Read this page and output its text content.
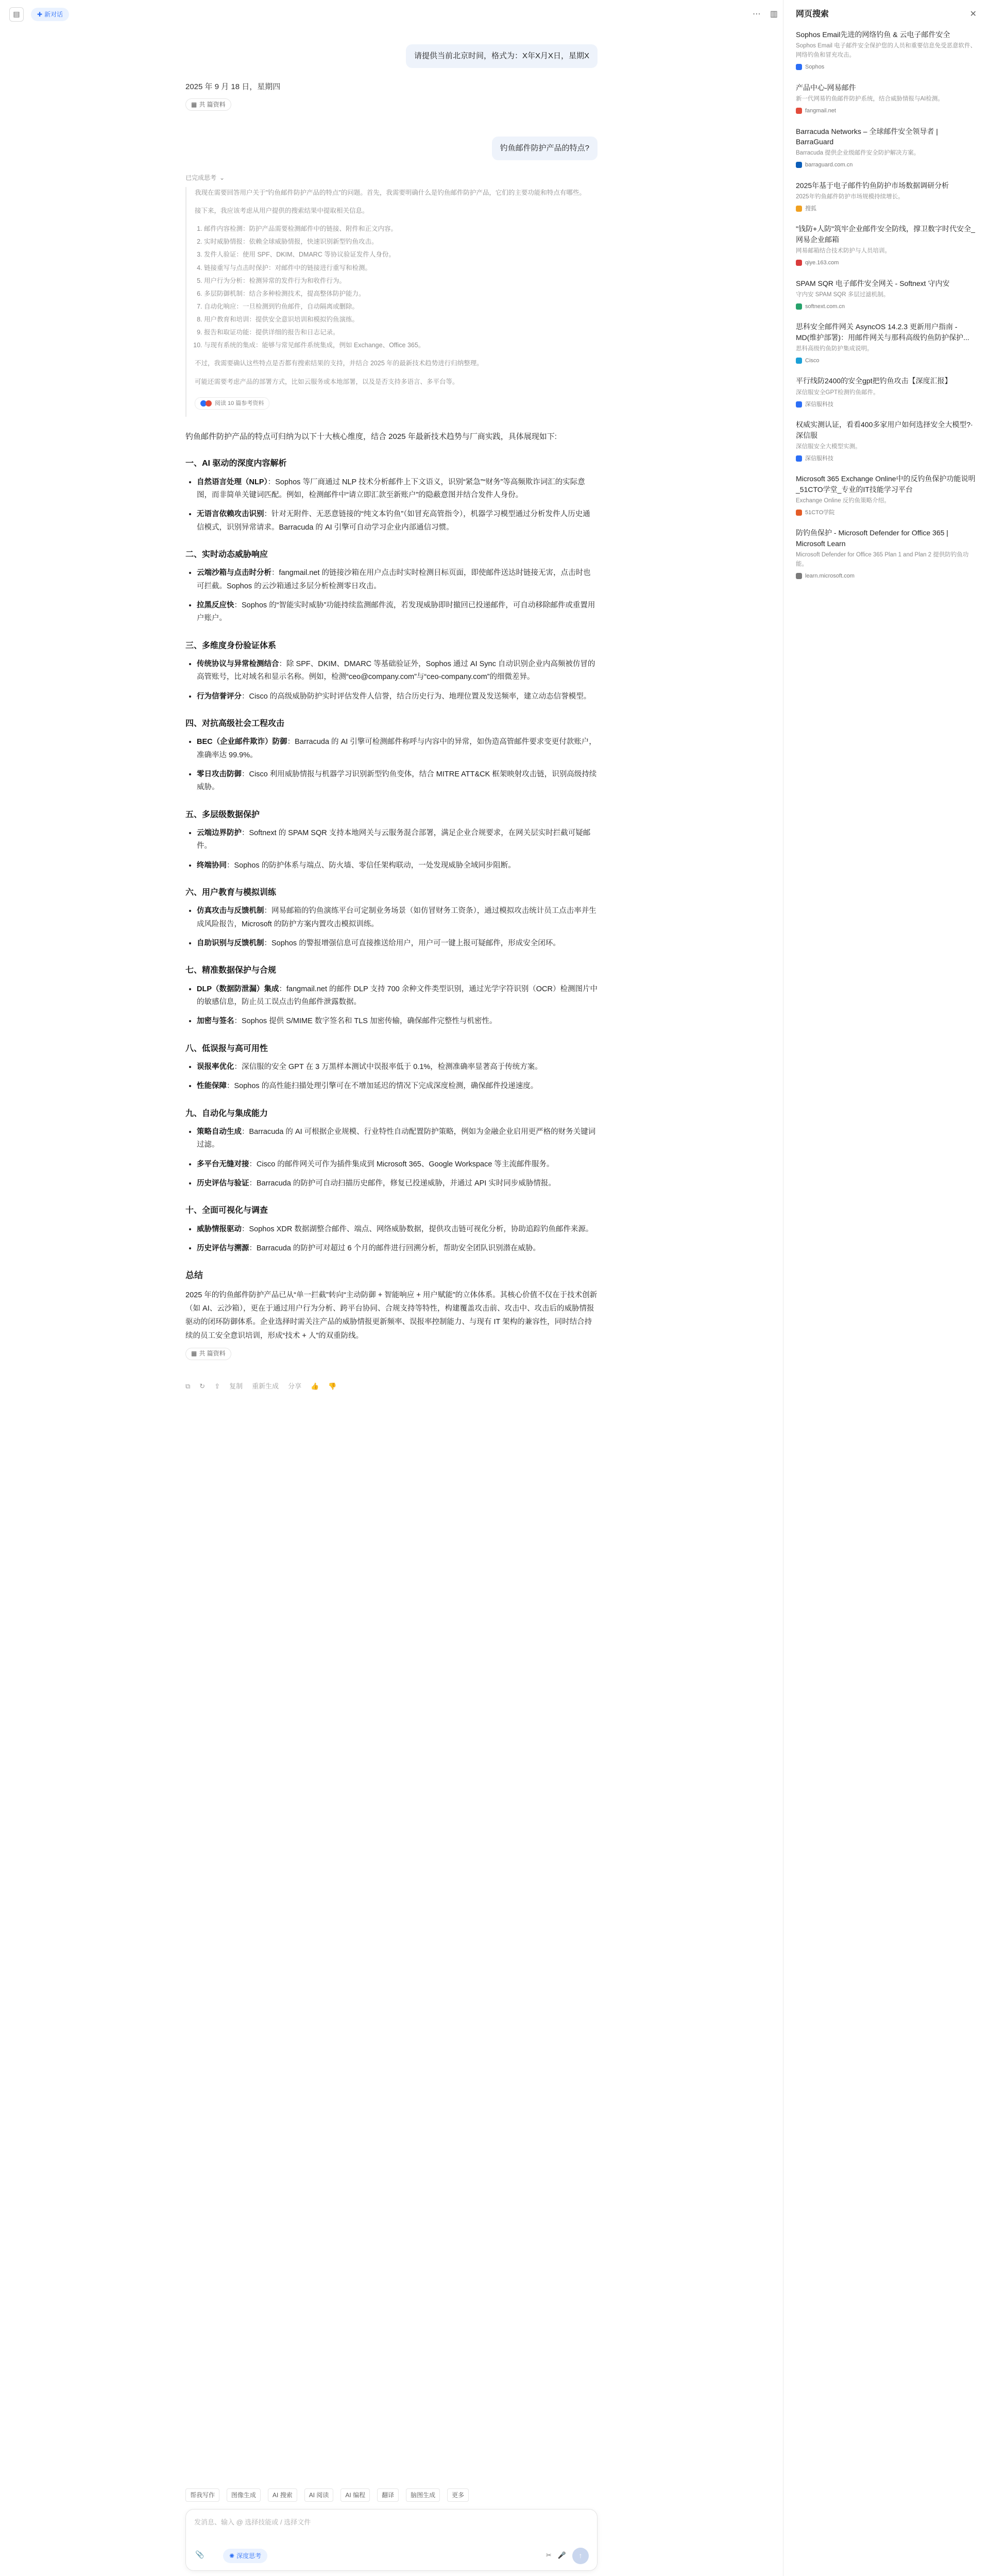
▤	✚ 新对话	⋯ ▥
请提供当前北京时间，格式为：X年X月X日，星期X
2025 年 9 月 18 日，星期四
▦ 共 篇资料
钓鱼邮件防护产品的特点?
已完成思考 ⌄

我现在需要回答用户关于"钓鱼邮件防护产品的特点"的问题。首先，我需要明确什么是钓鱼邮件防护产品，它们的主要功能和特点有哪些。

接下来，我应该考虑从用户提供的搜索结果中提取相关信息。

1. 邮件内容检测：防护产品需要检测邮件中的链接、附件和正文内容。
2. 实时威胁情报：依赖全球威胁情报，快速识别新型钓鱼攻击。
3. 发件人验证：使用 SPF、DKIM、DMARC 等协议验证发件人身份。
4. 链接重写与点击时保护：对邮件中的链接进行重写和检测。
5. 用户行为分析：检测异常的发件行为和收件行为。
6. 多层防御机制：结合多种检测技术，提高整体防护能力。
7. 自动化响应：一旦检测到钓鱼邮件，自动隔离或删除。
8. 用户教育和培训：提供安全意识培训和模拟钓鱼演练。
9. 报告和取证功能：提供详细的报告和日志记录。
10. 与现有系统的集成：能够与常见邮件系统集成，例如 Exchange、Office 365。

不过，我需要确认这些特点是否都有搜索结果的支持，并结合 2025 年的最新技术趋势进行归纳整理。

可能还需要考虑产品的部署方式，比如云服务或本地部署，以及是否支持多语言、多平台等。

阅读 10 篇参考资料
钓鱼邮件防护产品的特点可归纳为以下十大核心维度，结合 2025 年最新技术趋势与厂商实践，具体展现如下:
一、AI 驱动的深度内容解析
• 自然语言处理（NLP）：Sophos 等厂商通过 NLP 技术分析邮件上下文语义，识别“紧急”“财务”等高频欺诈词汇的实际意图，而非简单关键词匹配。例如，检测邮件中“请立即汇款至新账户”的隐蔽意图并结合发件人身份。
• 无语言依赖攻击识别：针对无附件、无恶意链接的“纯文本钓鱼”（如冒充高管指令），机器学习模型通过分析发件人历史通信模式，识别异常请求。Barracuda 的 AI 引擎可自动学习企业内部通信习惯。
二、实时动态威胁响应
• 云端沙箱与点击时分析：fangmail.net 的链接沙箱在用户点击时实时检测目标页面，即使邮件送达时链接无害，点击时也可拦截。Sophos 的云沙箱通过多层分析检测零日攻击。
• 拉黑反应快：Sophos 的“智能实时威胁”功能持续监测邮件流，若发现威胁即时撤回已投递邮件，可自动移除邮件或重置用户账户。
三、多维度身份验证体系
• 传统协议与异常检测结合：除 SPF、DKIM、DMARC 等基础验证外，Sophos 通过 AI Sync 自动识别企业内高频被仿冒的高管账号，比对域名和显示名称。例如，检测“ceo@company.com”与“ceo-company.com”的细微差异。
• 行为信誉评分：Cisco 的高级威胁防护实时评估发件人信誉，结合历史行为、地理位置及发送频率，建立动态信誉模型。
四、对抗高级社会工程攻击
• BEC（企业邮件欺诈）防御：Barracuda 的 AI 引擎可检测邮件称呼与内容中的异常，如伪造高管邮件要求变更付款账户，准确率达 99.9%。
• 零日攻击防御：Cisco 利用威胁情报与机器学习识别新型钓鱼变体，结合 MITRE ATT&CK 框架映射攻击链，识别高级持续威胁。
五、多层级数据保护
• 云端边界防护：Softnext 的 SPAM SQR 支持本地网关与云服务混合部署，满足企业合规要求，在网关层实时拦截可疑邮件。
• 终端协同：Sophos 的防护体系与端点、防火墙、零信任架构联动，一处发现威胁全域同步阻断。
六、用户教育与模拟训练
• 仿真攻击与反馈机制：网易邮箱的钓鱼演练平台可定制业务场景（如仿冒财务工资条），通过模拟攻击统计员工点击率并生成风险报告，Microsoft 的防护方案内置攻击模拟训练。
• 自助识别与反馈机制：Sophos 的警报增强信息可直接推送给用户，用户可一键上报可疑邮件，形成安全闭环。
七、精准数据保护与合规
• DLP（数据防泄漏）集成：fangmail.net 的邮件 DLP 支持 700 余种文件类型识别，通过光学字符识别（OCR）检测图片中的敏感信息，防止员工误点击钓鱼邮件泄露数据。
• 加密与签名：Sophos 提供 S/MIME 数字签名和 TLS 加密传输，确保邮件完整性与机密性。
八、低误报与高可用性
• 误报率优化：深信服的安全 GPT 在 3 万黑样本测试中误报率低于 0.1%，检测准确率显著高于传统方案。
• 性能保障：Sophos 的高性能扫描处理引擎可在不增加延迟的情况下完成深度检测，确保邮件投递速度。
九、自动化与集成能力
• 策略自动生成：Barracuda 的 AI 可根据企业规模、行业特性自动配置防护策略，例如为金融企业启用更严格的财务关键词过滤。
• 多平台无缝对接：Cisco 的邮件网关可作为插件集成到 Microsoft 365、Google Workspace 等主流邮件服务。
• 历史评估与验证：Barracuda 的防护可自动扫描历史邮件，修复已投递威胁，并通过 API 实时同步威胁情报。
十、全面可视化与调查
• 威胁情报驱动：Sophos XDR 数据湖整合邮件、端点、网络威胁数据，提供攻击链可视化分析，协助追踪钓鱼邮件来源。
• 历史评估与溯源：Barracuda 的防护可对超过 6 个月的邮件进行回溯分析，帮助安全团队识别潜在威胁。
总结
2025 年的钓鱼邮件防护产品已从“单一拦截”转向“主动防御 + 智能响应 + 用户赋能”的立体体系。其核心价值不仅在于技术创新（如 AI、云沙箱），更在于通过用户行为分析、跨平台协同、合规支持等特性，构建覆盖攻击前、攻击中、攻击后的威胁情报驱动的闭环防御体系。企业选择时需关注产品的威胁情报更新频率、误报率控制能力、与现有 IT 架构的兼容性，同时结合持续的员工安全意识培训，形成“技术 + 人”的双重防线。
▦ 共 篇资料
⧉ ↻ ⇪ 复制 重新生成 分享 👍 👎
帮我写作	图像生成	AI 搜索	AI 阅读	AI 编程	翻译	脑图生成	更多
发消息、输入 @ 选择技能或 / 选择文件
📎	✺ 深度思考	✂ 🎤	↑
网页搜索	✕
Sophos Email先进的网络钓鱼 & 云电子邮件安全
Sophos Email 电子邮件安全保护您的人员和重要信息免受恶意软件、网络钓鱼和冒充攻击。
Sophos
产品中心-网易邮件
新一代网易钓鱼邮件防护系统，结合威胁情报与AI检测。
fangmail.net
Barracuda Networks – 全球邮件安全领导者 | BarraGuard
Barracuda 提供企业级邮件安全防护解决方案。
barraguard.com.cn
2025年基于电子邮件钓鱼防护市场数据调研分析
2025年钓鱼邮件防护市场规模持续增长。
搜狐
"钱防+人防"筑牢企业邮件安全防线，撑卫数字时代安全_网易企业邮箱
网易邮箱结合技术防护与人员培训。
qiye.163.com
SPAM SQR 电子邮件安全网关 - Softnext 守内安
守内安 SPAM SQR 多层过滤机制。
softnext.com.cn
思科安全邮件网关 AsyncOS 14.2.3 更新用户指南 - MD(维护部署)：用邮件网关与那科高级钓鱼防护保护...
思科高级钓鱼防护集成说明。
Cisco
平行线防2400的安全gpt把钓鱼攻击【深度汇报】
深信服安全GPT检测钓鱼邮件。
深信服科技
权威实测认证，看看400多家用户如何选择安全大模型?·深信服
深信服安全大模型实测。
深信服科技
Microsoft 365 Exchange Online中的反钓鱼保护功能说明_51CTO学堂_专业的IT技能学习平台
Exchange Online 反钓鱼策略介绍。
51CTO学院
防钓鱼保护 - Microsoft Defender for Office 365 | Microsoft Learn
Microsoft Defender for Office 365 Plan 1 and Plan 2 提供防钓鱼功能。
learn.microsoft.com
